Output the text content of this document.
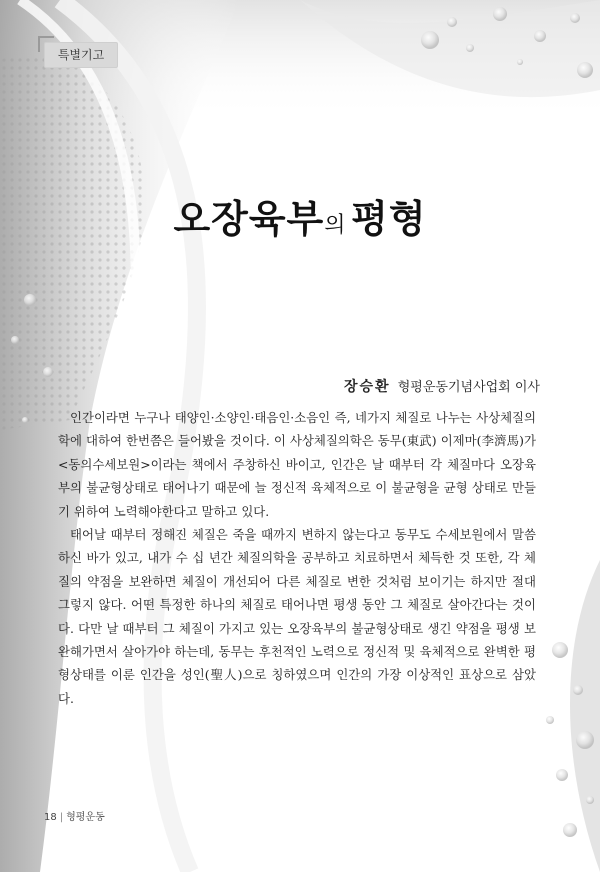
특별기고
오장육부의 평형
장승환 형평운동기념사업회 이사

인간이라면 누구나 태양인·소양인·태음인·소음인 즉, 네가지 체질로 나누는 사상체질의학에 대하여 한번쯤은 들어봤을 것이다. 이 사상체질의학은 동무(東武) 이제마(李濟馬)가 <동의수세보원>이라는 책에서 주창하신 바이고, 인간은 날 때부터 각 체질마다 오장육부의 불균형상태로 태어나기 때문에 늘 정신적 육체적으로 이 불균형을 균형 상태로 만들기 위하여 노력해야한다고 말하고 있다.

태어날 때부터 정해진 체질은 죽을 때까지 변하지 않는다고 동무도 수세보원에서 말씀하신 바가 있고, 내가 수 십 년간 체질의학을 공부하고 치료하면서 체득한 것 또한, 각 체질의 약점을 보완하면 체질이 개선되어 다른 체질로 변한 것처럼 보이기는 하지만 절대 그렇지 않다. 어떤 특정한 하나의 체질로 태어나면 평생 동안 그 체질로 살아간다는 것이다. 다만 날 때부터 그 체질이 가지고 있는 오장육부의 불균형상태로 생긴 약점을 평생 보완해가면서 살아가야 하는데, 동무는 후천적인 노력으로 정신적 및 육체적으로 완벽한 평형상태를 이룬 인간을 성인(聖人)으로 칭하였으며 인간의 가장 이상적인 표상으로 삼았다.

18 | 형평운동
